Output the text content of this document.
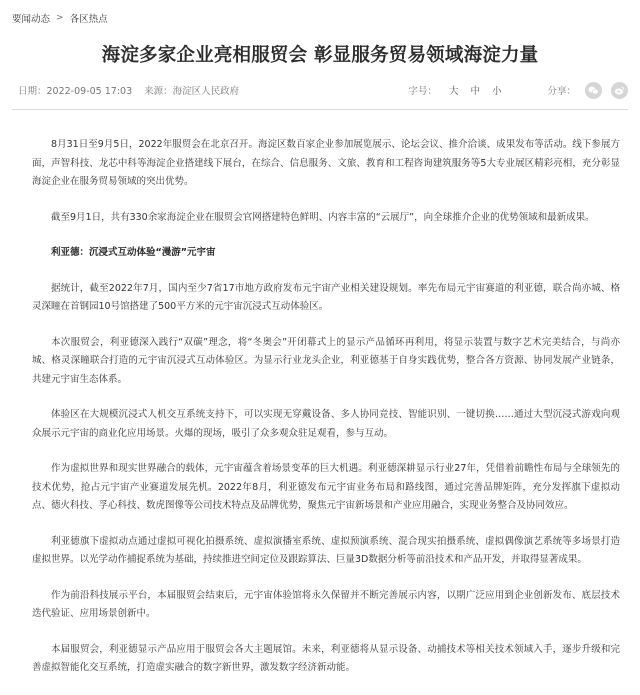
要闻动态 > 各区热点
海淀多家企业亮相服贸会 彰显服务贸易领域海淀力量
日期：2022-09-05 17:03 来源：海淀区人民政府	字号： 大 中 小	分享：

8月31日至9月5日，2022年服贸会在北京召开。海淀区数百家企业参加展览展示、论坛会议、推介洽谈、成果发布等活动。线下参展方面，声智科技、龙芯中科等海淀企业搭建线下展台，在综合、信息服务、文旅、教育和工程咨询建筑服务等5大专业展区精彩亮相，充分彰显海淀企业在服务贸易领域的突出优势。

截至9月1日，共有330余家海淀企业在服贸会官网搭建特色鲜明、内容丰富的“云展厅”，向全球推介企业的优势领域和最新成果。

利亚德：沉浸式互动体验“漫游”元宇宙

据统计，截至2022年7月，国内至少7省17市地方政府发布元宇宙产业相关建设规划。率先布局元宇宙赛道的利亚德，联合尚亦城、格灵深瞳在首钢园10号馆搭建了500平方米的元宇宙沉浸式互动体验区。

本次服贸会，利亚德深入践行“双碳”理念，将“冬奥会”开闭幕式上的显示产品循环再利用，将显示装置与数字艺术完美结合，与尚亦城、格灵深瞳联合打造的元宇宙沉浸式互动体验区。为显示行业龙头企业，利亚德基于自身实践优势，整合各方资源、协同发展产业链条，共建元宇宙生态体系。

体验区在大规模沉浸式人机交互系统支持下，可以实现无穿戴设备、多人协同竞技、智能识别、一键切换……通过大型沉浸式游戏向观众展示元宇宙的商业化应用场景。火爆的现场，吸引了众多观众驻足观看，参与互动。

作为虚拟世界和现实世界融合的载体，元宇宙蕴含着场景变革的巨大机遇。利亚德深耕显示行业27年，凭借着前瞻性布局与全球领先的技术优势，抢占元宇宙产业赛道发展先机。2022年8月，利亚德发布元宇宙业务布局和路线图，通过完善品牌矩阵，充分发挥旗下虚拟动点、德火科技、孚心科技、数虎图像等公司技术特点及品牌优势，聚焦元宇宙新场景和产业应用融合，实现业务整合及协同效应。

利亚德旗下虚拟动点通过虚拟可视化拍摄系统、虚拟演播室系统、虚拟预演系统、混合现实拍摄系统、虚拟偶像演艺系统等多场景打造虚拟世界。以光学动作捕捉系统为基础，持续推进空间定位及跟踪算法、巨量3D数据分析等前沿技术和产品开发，并取得显著成果。

作为前沿科技展示平台，本届服贸会结束后，元宇宙体验馆将永久保留并不断完善展示内容，以期广泛应用到企业创新发布、底层技术迭代验证、应用场景创新中。

本届服贸会，利亚德显示产品应用于服贸会各大主题展馆。未来，利亚德将从显示设备、动捕技术等相关技术领域入手，逐步升级和完善虚拟智能化交互系统，打造虚实融合的数字新世界，激发数字经济新动能。
